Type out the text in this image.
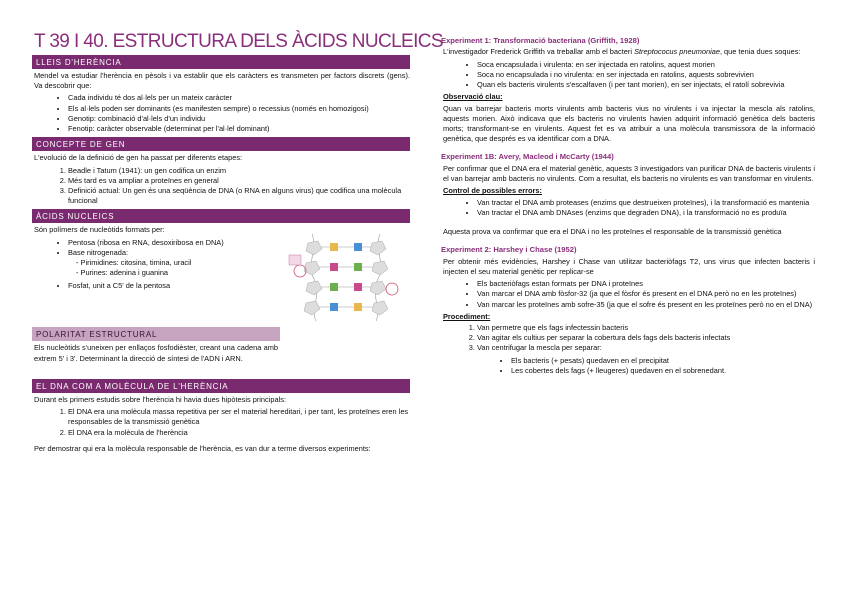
T 39 I 40. ESTRUCTURA DELS ÀCIDS NUCLEICS
LLEIS D'HERÈNCIA

Mendel va estudiar l'herència en pèsols i va establir que els caràcters es transmeten per factors discrets (gens). Va descobrir que:

• Cada individu té dos al·lels per un mateix caràcter
• Els al·lels poden ser dominants (es manifesten sempre) o recessius (només en homozigosi)
• Genotip: combinació d'al·lels d'un individu
• Fenotip: caràcter observable (determinat per l'al·lel dominant)
CONCEPTE DE GEN

L'evolució de la definició de gen ha passat per diferents etapes:

1. Beadle i Tatum (1941): un gen codifica un enzim
2. Més tard es va ampliar a proteïnes en general
3. Definició actual: Un gen és una seqüència de DNA (o RNA en alguns virus) que codifica una molècula funcional
ÀCIDS NUCLEICS

Són polímers de nucleòtids formats per:

• Pentosa (ribosa en RNA, desoxiribosa en DNA)
• Base nitrogenada:
- Pirimidines: citosina, timina, uracil
- Purines: adenina i guanina
• Fosfat, unit a C5' de la pentosa
POLARITAT ESTRUCTURAL

Els nucleòtids s'uneixen per enllaços fosfodièster, creant una cadena amb extrem 5' i 3'. Determinant la direcció de síntesi de l'ADN i ARN.

EL DNA COM A MOLÈCULA DE L'HERÈNCIA

Durant els primers estudis sobre l'herència hi havia dues hipòtesis principals:

1. El DNA era una molècula massa repetitiva per ser el material hereditari, i per tant, les proteïnes eren les responsables de la transmissió genètica
2. El DNA era la molècula de l'herència

Per demostrar qui era la molècula responsable de l'herència, es van dur a terme diversos experiments:

Experiment 1: Transformació bacteriana (Griffith, 1928)

L'investigador Frederick Griffith va treballar amb el bacteri Streptococus pneumoniae, que tenia dues soques:

• Soca encapsulada i virulenta: en ser injectada en ratolins, aquest morien
• Soca no encapsulada i no virulenta: en ser injectada en ratolins, aquests sobrevivien
• Quan els bacteris virulents s'escalfaven (i per tant morien), en ser injectats, el ratolí sobrevivia
Observació clau:

Quan va barrejar bacteris morts virulents amb bacteris vius no virulents i va injectar la mescla als ratolins, aquests morien. Això indicava que els bacteris no virulents havien adquirit informació genètica dels bacteris morts; transformant-se en virulents. Aquest fet es va atribuir a una molècula transmissora de la informació genètica, que després es va identificar com a DNA.

Experiment 1B: Avery, Macleod i McCarty (1944)

Per confirmar que el DNA era el material genètic, aquests 3 investigadors van purificar DNA de bacteris virulents i el van barrejar amb bacteris no virulents. Com a resultat, els bacteris no virulents es van transformar en virulents.

Control de possibles errors:
• Van tractar el DNA amb proteases (enzims que destrueixen proteïnes), i la transformació es mantenia
• Van tractar el DNA amb DNAses (enzims que degraden DNA), i la transformació no es produïa

Aquesta prova va confirmar que era el DNA i no les proteïnes el responsable de la transmissió genètica

Experiment 2: Harshey i Chase (1952)

Per obtenir més evidències, Harshey i Chase van utilitzar bacteriòfags T2, uns virus que infecten bacteris i injecten el seu material genètic per replicar-se

• Els bacteriòfags estan formats per DNA i proteïnes
• Van marcar el DNA amb fòsfor-32 (ja que el fòsfor és present en el DNA però no en les proteïnes)
• Van marcar les proteïnes amb sofre-35 (ja que el sofre és present en les proteïnes però no en el DNA)
Procediment:
1. Van permetre que els fags infectessin bacteris
2. Van agitar els cultius per separar la cobertura dels fags dels bacteris infectats
3. Van centrifugar la mescla per separar:
• Els bacteris (+ pesats) quedaven en el precipitat
• Les cobertes dels fags (+ lleugeres) quedaven en el sobrenedant.
